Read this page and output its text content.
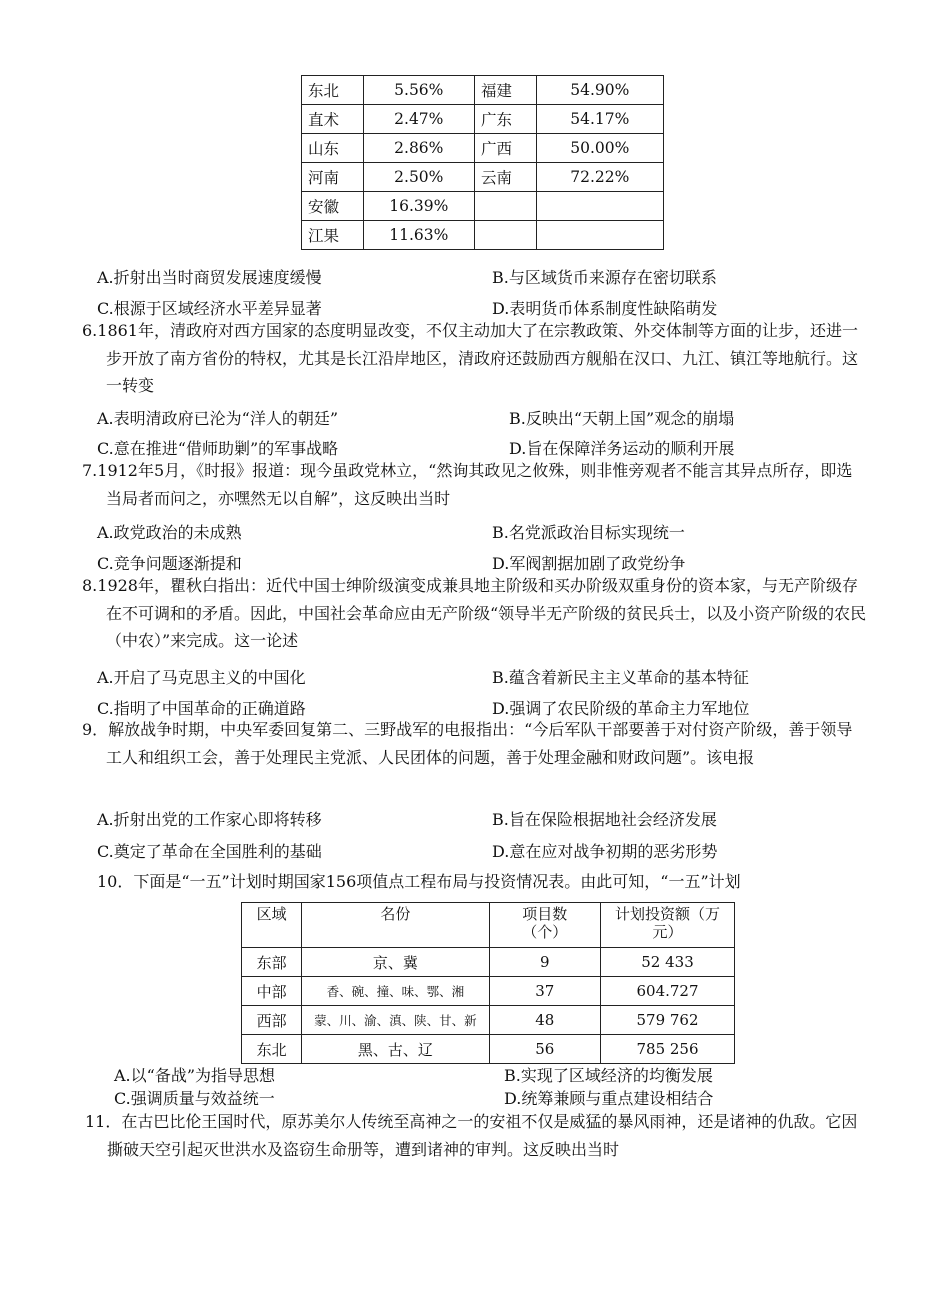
东北	5.56%	福建	54.90%
直术	2.47%	广东	54.17%
山东	2.86%	广西	50.00%
河南	2.50%	云南	72.22%
安徽	16.39%		
江果	11.63%		
A.折射出当时商贸发展速度缓慢	B.与区域货币来源存在密切联系
C.根源于区域经济水平差异显著	D.表明货币体系制度性缺陷萌发
6.1861年，清政府对西方国家的态度明显改变，不仅主动加大了在宗教政策、外交体制等方面的让步，还进一步开放了南方省份的特权，尤其是长江沿岸地区，清政府还鼓励西方舰船在汉口、九江、镇江等地航行。这一转变
A.表明清政府已沦为“洋人的朝廷”	B.反映出“天朝上国”观念的崩塌
C.意在推进“借师助剿”的军事战略	D.旨在保障洋务运动的顺利开展
7.1912年5月，《时报》报道：现今虽政党林立，“然询其政见之攸殊，则非惟旁观者不能言其异点所存，即选当局者而问之，亦嘿然无以自解”，这反映出当时
A.政党政治的未成熟	B.名党派政治目标实现统一
C.竞争问题逐渐提和	D.军阀割据加剧了政党纷争
8.1928年，瞿秋白指出：近代中国士绅阶级演变成兼具地主阶级和买办阶级双重身份的资本家，与无产阶级存在不可调和的矛盾。因此，中国社会革命应由无产阶级“领导半无产阶级的贫民兵士，以及小资产阶级的农民（中农）”来完成。这一论述
A.开启了马克思主义的中国化	B.蕴含着新民主主义革命的基本特征
C.指明了中国革命的正确道路	D.强调了农民阶级的革命主力军地位
9．解放战争时期，中央军委回复第二、三野战军的电报指出：“今后军队干部要善于对付资产阶级，善于领导工人和组织工会，善于处理民主党派、人民团体的问题，善于处理金融和财政问题”。该电报
A.折射出党的工作家心即将转移	B.旨在保险根据地社会经济发展
C.奠定了革命在全国胜利的基础	D.意在应对战争初期的恶劣形势
10．下面是“一五”计划时期国家156项值点工程布局与投资情况表。由此可知，“一五”计划
区域	名份	项目数（个）	计划投资额（万元）
东部	京、冀	9	52 433
中部	香、碗、撞、味、鄂、湘	37	604.727
西部	蒙、川、渝、滇、陕、甘、新	48	579 762
东北	黑、古、辽	56	785 256
A.以“备战”为指导思想	B.实现了区域经济的均衡发展
C.强调质量与效益统一	D.统筹兼顾与重点建设相结合
11．在古巴比伦王国时代，原苏美尔人传统至高神之一的安祖不仅是威猛的暴风雨神，还是诸神的仇敌。它因撕破天空引起灭世洪水及盗窃生命册等，遭到诸神的审判。这反映出当时
